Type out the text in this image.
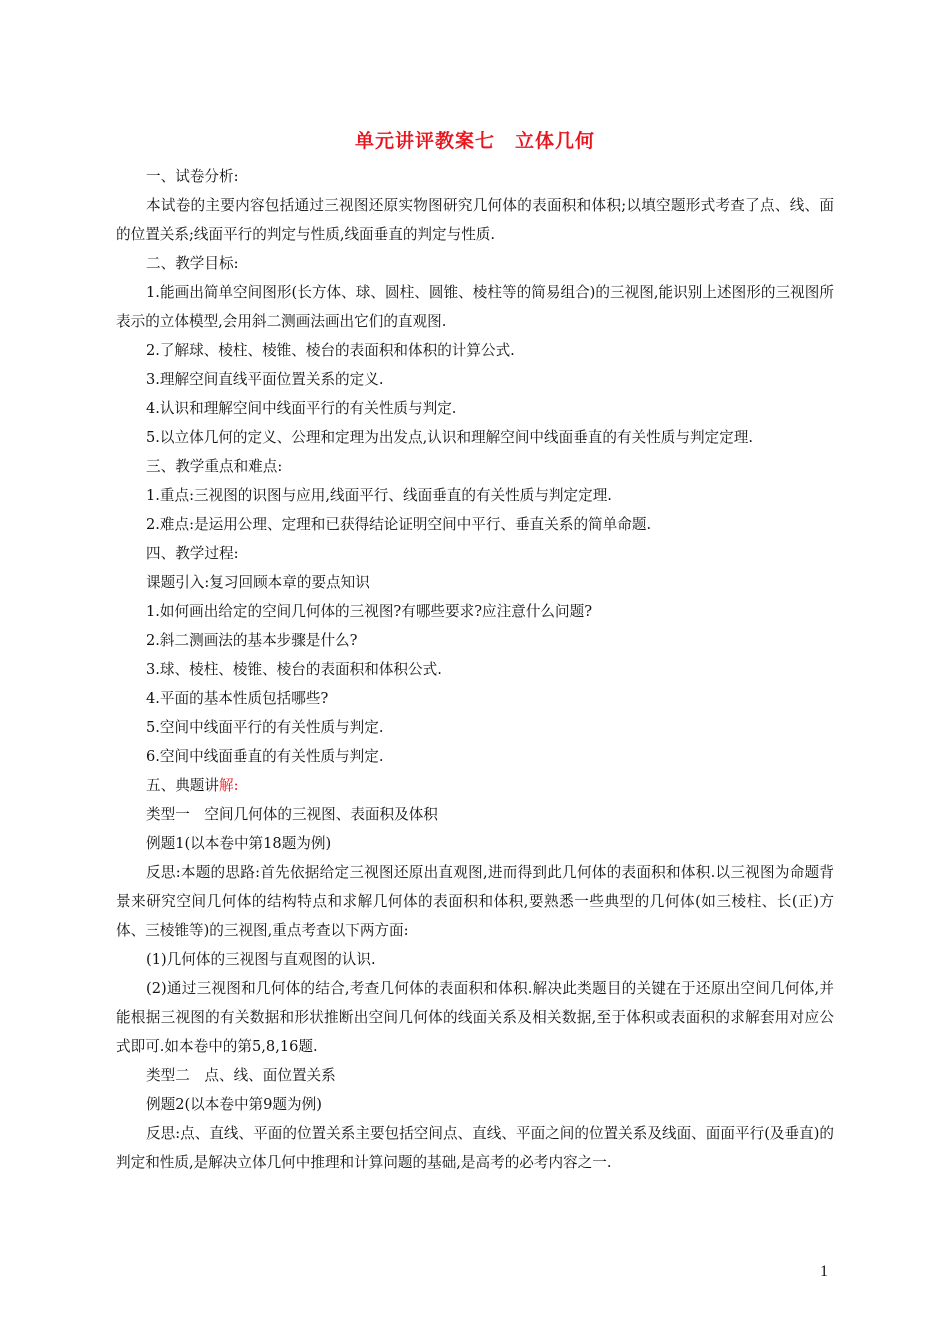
单元讲评教案七　立体几何

一、试卷分析:

本试卷的主要内容包括通过三视图还原实物图研究几何体的表面积和体积;以填空题形式考查了点、线、面的位置关系;线面平行的判定与性质,线面垂直的判定与性质.

二、教学目标:

1.能画出简单空间图形(长方体、球、圆柱、圆锥、棱柱等的简易组合)的三视图,能识别上述图形的三视图所表示的立体模型,会用斜二测画法画出它们的直观图.

2.了解球、棱柱、棱锥、棱台的表面积和体积的计算公式.

3.理解空间直线平面位置关系的定义.

4.认识和理解空间中线面平行的有关性质与判定.

5.以立体几何的定义、公理和定理为出发点,认识和理解空间中线面垂直的有关性质与判定定理.

三、教学重点和难点:

1.重点:三视图的识图与应用,线面平行、线面垂直的有关性质与判定定理.

2.难点:是运用公理、定理和已获得结论证明空间中平行、垂直关系的简单命题.

四、教学过程:

课题引入:复习回顾本章的要点知识

1.如何画出给定的空间几何体的三视图?有哪些要求?应注意什么问题?

2.斜二测画法的基本步骤是什么?

3.球、棱柱、棱锥、棱台的表面积和体积公式.

4.平面的基本性质包括哪些?

5.空间中线面平行的有关性质与判定.

6.空间中线面垂直的有关性质与判定.

五、典题讲解:

类型一　空间几何体的三视图、表面积及体积

例题1(以本卷中第18题为例)

反思:本题的思路:首先依据给定三视图还原出直观图,进而得到此几何体的表面积和体积.以三视图为命题背景来研究空间几何体的结构特点和求解几何体的表面积和体积,要熟悉一些典型的几何体(如三棱柱、长(正)方体、三棱锥等)的三视图,重点考查以下两方面:

(1)几何体的三视图与直观图的认识.

(2)通过三视图和几何体的结合,考查几何体的表面积和体积.解决此类题目的关键在于还原出空间几何体,并能根据三视图的有关数据和形状推断出空间几何体的线面关系及相关数据,至于体积或表面积的求解套用对应公式即可.如本卷中的第5,8,16题.

类型二　点、线、面位置关系

例题2(以本卷中第9题为例)

反思:点、直线、平面的位置关系主要包括空间点、直线、平面之间的位置关系及线面、面面平行(及垂直)的判定和性质,是解决立体几何中推理和计算问题的基础,是高考的必考内容之一.

1
